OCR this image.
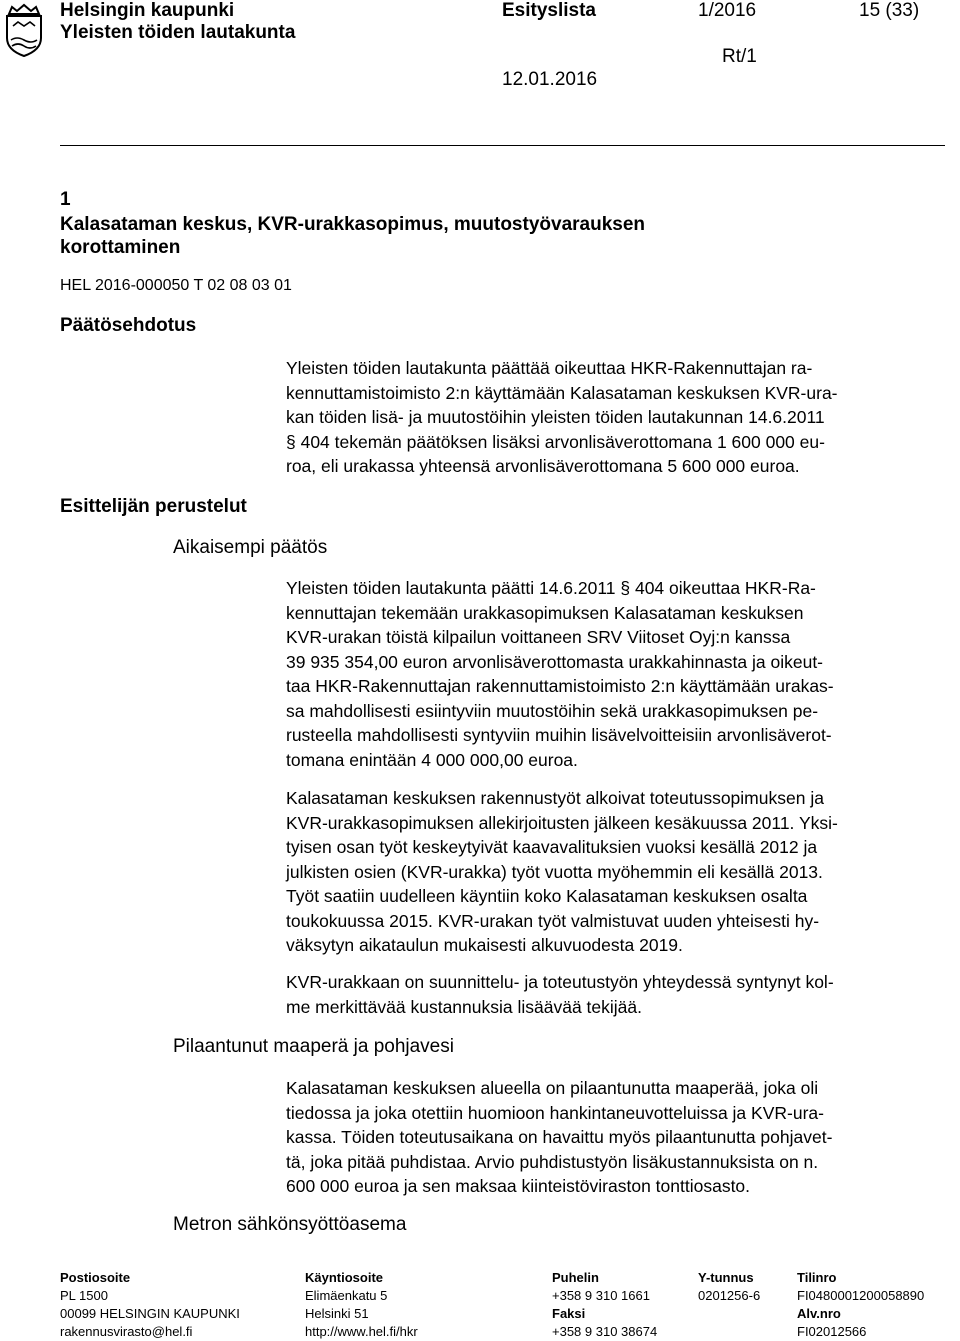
Helsingin kaupunki
Yleisten töiden lautakunta
Esityslista	1/2016	15 (33)
Rt/1
12.01.2016
1
Kalasataman keskus, KVR-urakkasopimus, muutostyövarauksen
korottaminen
HEL 2016-000050 T 02 08 03 01
Päätösehdotus
Yleisten töiden lautakunta päättää oikeuttaa HKR-Rakennuttajan ra-
kennuttamistoimisto 2:n käyttämään Kalasataman keskuksen KVR-ura-
kan töiden lisä- ja muutostöihin yleisten töiden lautakunnan 14.6.2011
§ 404 tekemän päätöksen lisäksi arvonlisäverottomana 1 600 000 eu-
roa, eli urakassa yhteensä arvonlisäverottomana 5 600 000 euroa.
Esittelijän perustelut
Aikaisempi päätös
Yleisten töiden lautakunta päätti 14.6.2011 § 404 oikeuttaa HKR-Ra-
kennuttajan tekemään urakkasopimuksen Kalasataman keskuksen
KVR-urakan töistä kilpailun voittaneen SRV Viitoset Oyj:n kanssa
39 935 354,00 euron arvonlisäverottomasta urakkahinnasta ja oikeut-
taa HKR-Rakennuttajan rakennuttamistoimisto 2:n käyttämään urakas-
sa mahdollisesti esiintyviin muutostöihin sekä urakkasopimuksen pe-
rusteella mahdollisesti syntyviin muihin lisävelvoitteisiin arvonlisäverot-
tomana enintään 4 000 000,00 euroa.
Kalasataman keskuksen rakennustyöt alkoivat toteutussopimuksen ja
KVR-urakkasopimuksen allekirjoitusten jälkeen kesäkuussa 2011. Yksi-
tyisen osan työt keskeytyivät kaavavalituksien vuoksi kesällä 2012 ja
julkisten osien (KVR-urakka) työt vuotta myöhemmin eli kesällä 2013.
Työt saatiin uudelleen käyntiin koko Kalasataman keskuksen osalta
toukokuussa 2015. KVR-urakan työt valmistuvat uuden yhteisesti hy-
väksytyn aikataulun mukaisesti alkuvuodesta 2019.
KVR-urakkaan on suunnittelu- ja toteutustyön yhteydessä syntynyt kol-
me merkittävää kustannuksia lisäävää tekijää.
Pilaantunut maaperä ja pohjavesi
Kalasataman keskuksen alueella on pilaantunutta maaperää, joka oli
tiedossa ja joka otettiin huomioon hankintaneuvotteluissa ja KVR-ura-
kassa. Töiden toteutusaikana on havaittu myös pilaantunutta pohjavet-
tä, joka pitää puhdistaa. Arvio puhdistustyön lisäkustannuksista on n.
600 000 euroa ja sen maksaa kiinteistöviraston tonttiosasto.
Metron sähkönsyöttöasema
Postiosoite
PL 1500
00099 HELSINGIN KAUPUNKI
rakennusvirasto@hel.fi
Käyntiosoite
Elimäenkatu 5
Helsinki 51
http://www.hel.fi/hkr
Puhelin
+358 9 310 1661
Faksi
+358 9 310 38674
Y-tunnus
0201256-6
Tilinro
FI0480001200058890
Alv.nro
FI02012566
